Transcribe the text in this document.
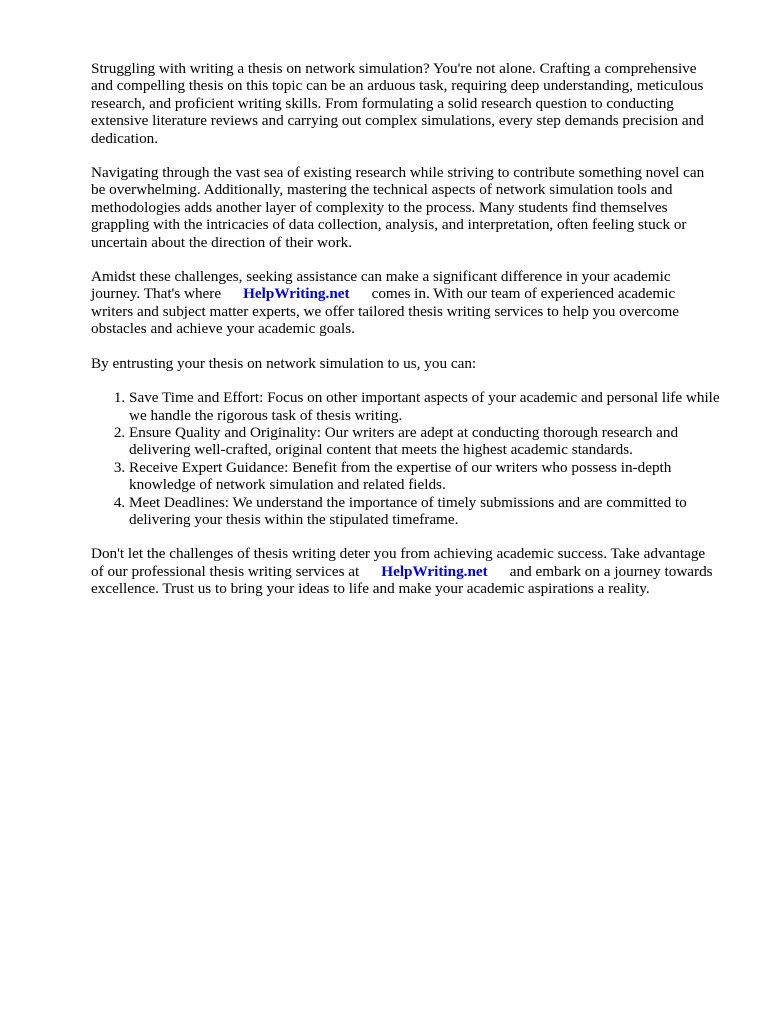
Struggling with writing a thesis on network simulation? You're not alone. Crafting a comprehensive and compelling thesis on this topic can be an arduous task, requiring deep understanding, meticulous research, and proficient writing skills. From formulating a solid research question to conducting extensive literature reviews and carrying out complex simulations, every step demands precision and dedication.

Navigating through the vast sea of existing research while striving to contribute something novel can be overwhelming. Additionally, mastering the technical aspects of network simulation tools and methodologies adds another layer of complexity to the process. Many students find themselves grappling with the intricacies of data collection, analysis, and interpretation, often feeling stuck or uncertain about the direction of their work.

Amidst these challenges, seeking assistance can make a significant difference in your academic journey. That's where HelpWriting.net comes in. With our team of experienced academic writers and subject matter experts, we offer tailored thesis writing services to help you overcome obstacles and achieve your academic goals.

By entrusting your thesis on network simulation to us, you can:

1. Save Time and Effort: Focus on other important aspects of your academic and personal life while we handle the rigorous task of thesis writing.
2. Ensure Quality and Originality: Our writers are adept at conducting thorough research and delivering well-crafted, original content that meets the highest academic standards.
3. Receive Expert Guidance: Benefit from the expertise of our writers who possess in-depth knowledge of network simulation and related fields.
4. Meet Deadlines: We understand the importance of timely submissions and are committed to delivering your thesis within the stipulated timeframe.

Don't let the challenges of thesis writing deter you from achieving academic success. Take advantage of our professional thesis writing services at HelpWriting.net and embark on a journey towards excellence. Trust us to bring your ideas to life and make your academic aspirations a reality.
